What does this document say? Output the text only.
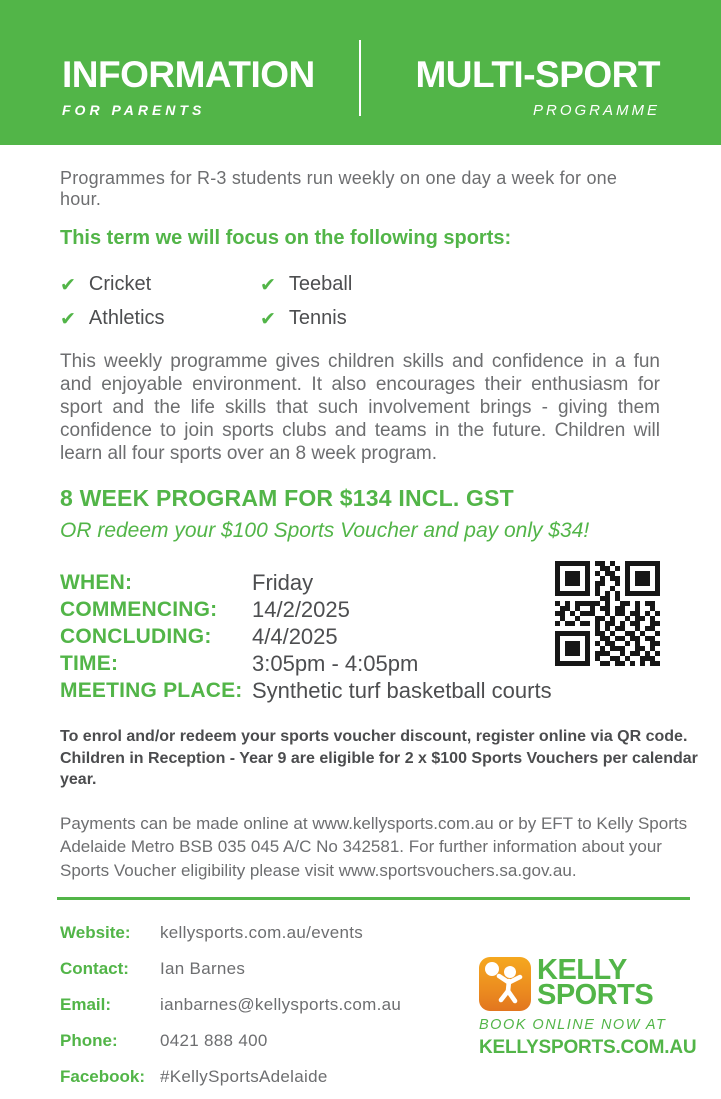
INFORMATION
FOR PARENTS
MULTI-SPORT
PROGRAMME

Programmes for R-3 students run weekly on one day a week for one hour.

This term we will focus on the following sports:

✔ Cricket
✔ Athletics
✔ Teeball
✔ Tennis

This weekly programme gives children skills and confidence in a fun and enjoyable environment. It also encourages their enthusiasm for sport and the life skills that such involvement brings - giving them confidence to join sports clubs and teams in the future. Children will learn all four sports over an 8 week program.

8 WEEK PROGRAM FOR $134 INCL. GST

OR redeem your $100 Sports Voucher and pay only $34!

WHEN:	Friday
COMMENCING:	14/2/2025
CONCLUDING:	4/4/2025
TIME:	3:05pm - 4:05pm
MEETING PLACE: Synthetic turf basketball courts

To enrol and/or redeem your sports voucher discount, register online via QR code. Children in Reception - Year 9 are eligible for 2 x $100 Sports Vouchers per calendar year.

Payments can be made online at www.kellysports.com.au or by EFT to Kelly Sports Adelaide Metro BSB 035 045 A/C No 342581. For further information about your Sports Voucher eligibility please visit www.sportsvouchers.sa.gov.au.

Website:	kellysports.com.au/events
Contact:	Ian Barnes
Email:	ianbarnes@kellysports.com.au
Phone:	0421 888 400
Facebook: #KellySportsAdelaide
KELLY
SPORTS
BOOK ONLINE NOW AT
KELLYSPORTS.COM.AU
